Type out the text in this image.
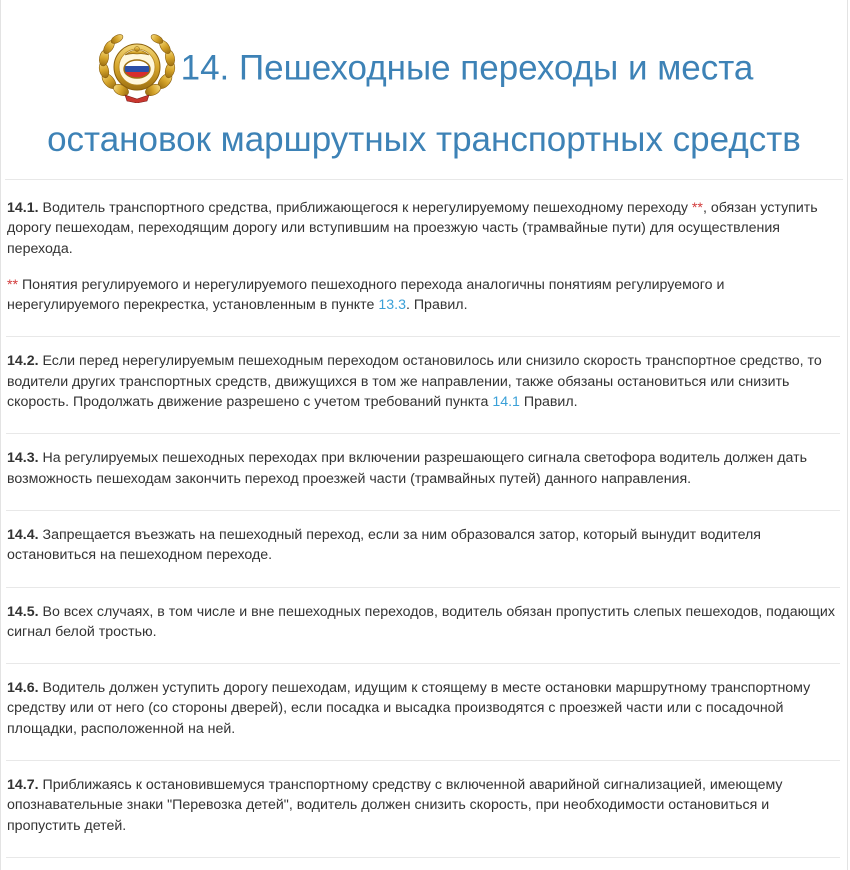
14. Пешеходные переходы и места
остановок маршрутных транспортных средств

14.1. Водитель транспортного средства, приближающегося к нерегулируемому пешеходному переходу **, обязан уступить дорогу пешеходам, переходящим дорогу или вступившим на проезжую часть (трамвайные пути) для осуществления перехода.

** Понятия регулируемого и нерегулируемого пешеходного перехода аналогичны понятиям регулируемого и нерегулируемого перекрестка, установленным в пункте 13.3. Правил.

14.2. Если перед нерегулируемым пешеходным переходом остановилось или снизило скорость транспортное средство, то водители других транспортных средств, движущихся в том же направлении, также обязаны остановиться или снизить скорость. Продолжать движение разрешено с учетом требований пункта 14.1 Правил.

14.3. На регулируемых пешеходных переходах при включении разрешающего сигнала светофора водитель должен дать возможность пешеходам закончить переход проезжей части (трамвайных путей) данного направления.

14.4. Запрещается въезжать на пешеходный переход, если за ним образовался затор, который вынудит водителя остановиться на пешеходном переходе.

14.5. Во всех случаях, в том числе и вне пешеходных переходов, водитель обязан пропустить слепых пешеходов, подающих сигнал белой тростью.

14.6. Водитель должен уступить дорогу пешеходам, идущим к стоящему в месте остановки маршрутному транспортному средству или от него (со стороны дверей), если посадка и высадка производятся с проезжей части или с посадочной площадки, расположенной на ней.

14.7. Приближаясь к остановившемуся транспортному средству с включенной аварийной сигнализацией, имеющему опознавательные знаки "Перевозка детей", водитель должен снизить скорость, при необходимости остановиться и пропустить детей.
